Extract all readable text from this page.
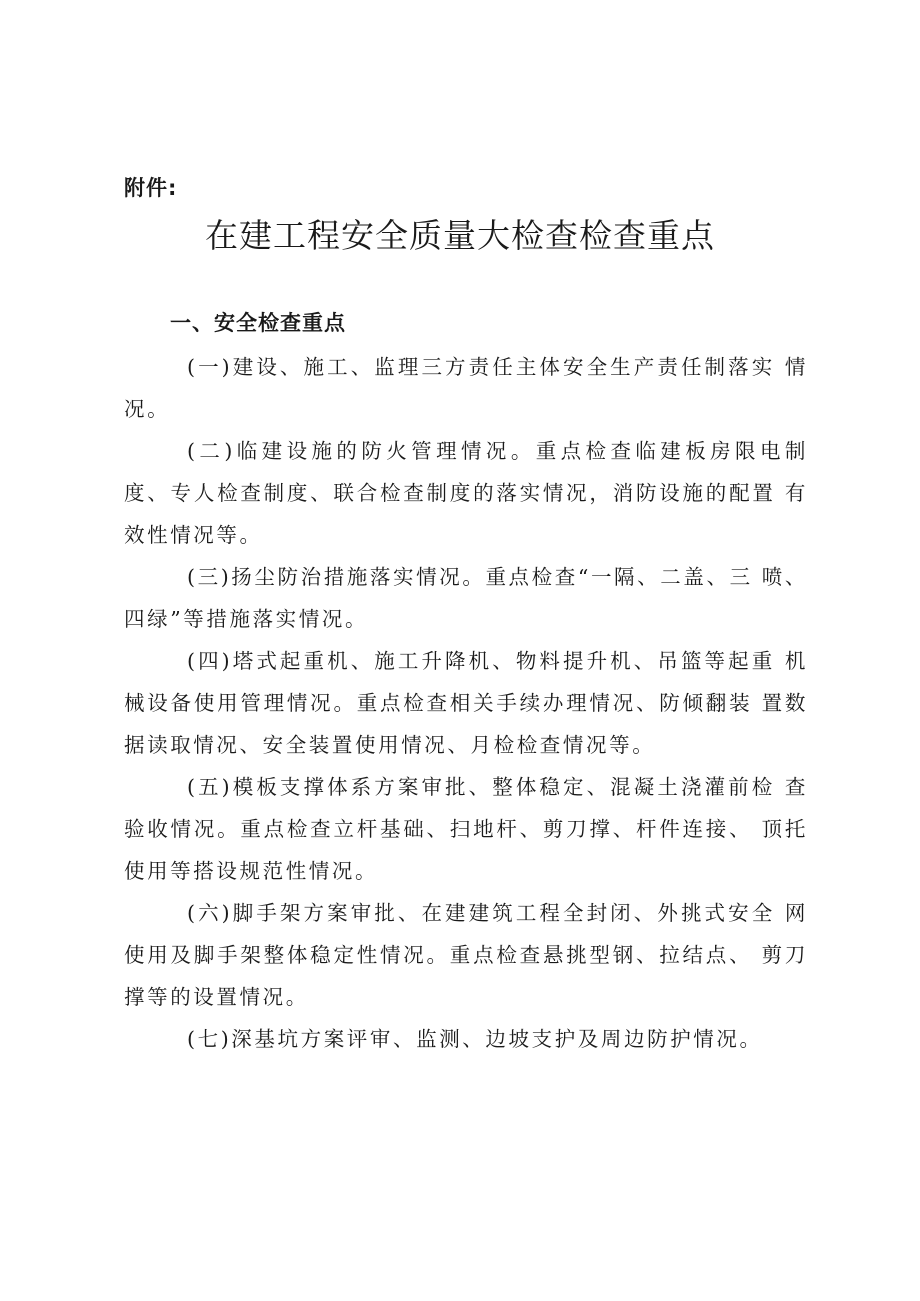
附件:
在建工程安全质量大检查检查重点
一、安全检查重点

(一)建设、施工、监理三方责任主体安全生产责任制落实 情况。

(二)临建设施的防火管理情况。重点检查临建板房限电制 度、专人检查制度、联合检查制度的落实情况，消防设施的配置 有效性情况等。

(三)扬尘防治措施落实情况。重点检查“一隔、二盖、三 喷、四绿”等措施落实情况。

(四)塔式起重机、施工升降机、物料提升机、吊篮等起重 机械设备使用管理情况。重点检查相关手续办理情况、防倾翻装 置数据读取情况、安全装置使用情况、月检检查情况等。

(五)模板支撑体系方案审批、整体稳定、混凝土浇灌前检 查验收情况。重点检查立杆基础、扫地杆、剪刀撑、杆件连接、 顶托使用等搭设规范性情况。

(六)脚手架方案审批、在建建筑工程全封闭、外挑式安全 网使用及脚手架整体稳定性情况。重点检查悬挑型钢、拉结点、 剪刀撑等的设置情况。

(七)深基坑方案评审、监测、边坡支护及周边防护情况。
